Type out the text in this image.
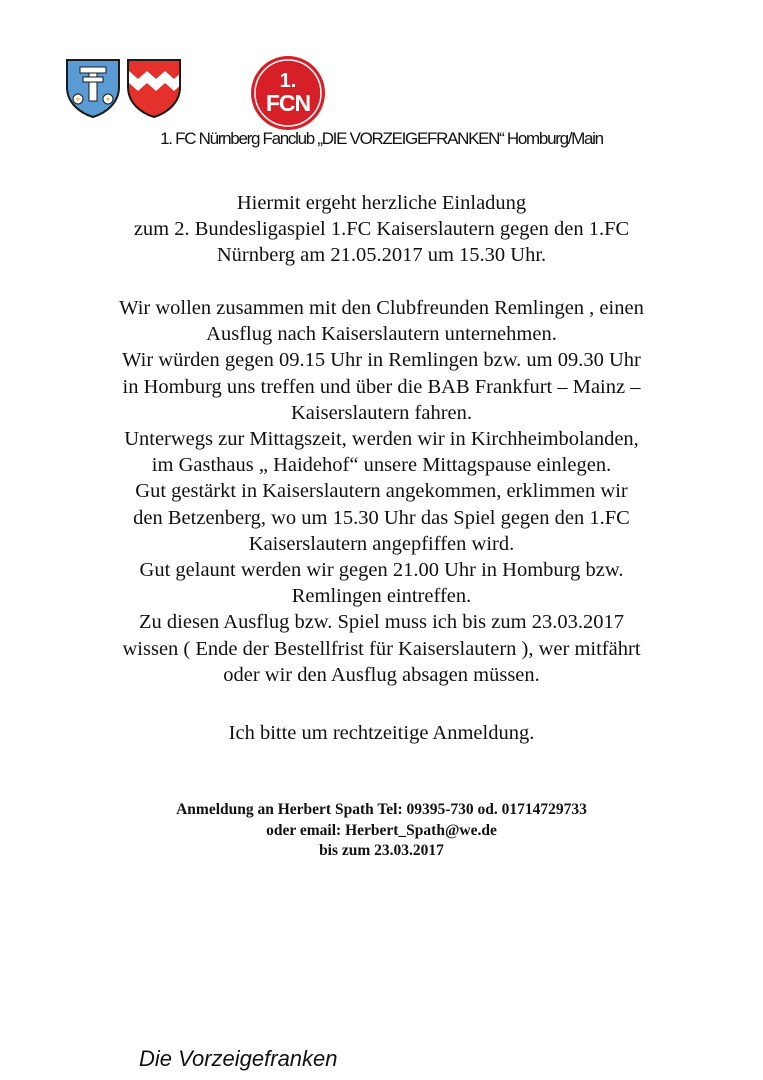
1.
FCN
1. FC Nürnberg Fanclub „DIE VORZEIGEFRANKEN“ Homburg/Main

Hiermit ergeht herzliche Einladung

zum 2. Bundesligaspiel 1.FC Kaiserslautern gegen den 1.FC

Nürnberg am 21.05.2017 um 15.30 Uhr.

Wir wollen zusammen mit den Clubfreunden Remlingen , einen

Ausflug nach Kaiserslautern unternehmen.

Wir würden gegen 09.15 Uhr in Remlingen bzw. um 09.30 Uhr

in Homburg uns treffen und über die BAB Frankfurt – Mainz –

Kaiserslautern fahren.

Unterwegs zur Mittagszeit, werden wir in Kirchheimbolanden,

im Gasthaus „ Haidehof“ unsere Mittagspause einlegen.

Gut gestärkt in Kaiserslautern angekommen, erklimmen wir

den Betzenberg, wo um 15.30 Uhr das Spiel gegen den 1.FC

Kaiserslautern angepfiffen wird.

Gut gelaunt werden wir gegen 21.00 Uhr in Homburg bzw.

Remlingen eintreffen.

Zu diesen Ausflug bzw. Spiel muss ich bis zum 23.03.2017

wissen ( Ende der Bestellfrist für Kaiserslautern ), wer mitfährt

oder wir den Ausflug absagen müssen.

Ich bitte um rechtzeitige Anmeldung.

Anmeldung an Herbert Spath Tel: 09395-730 od. 01714729733

oder email: Herbert_Spath@we.de

bis zum 23.03.2017

Die Vorzeigefranken
